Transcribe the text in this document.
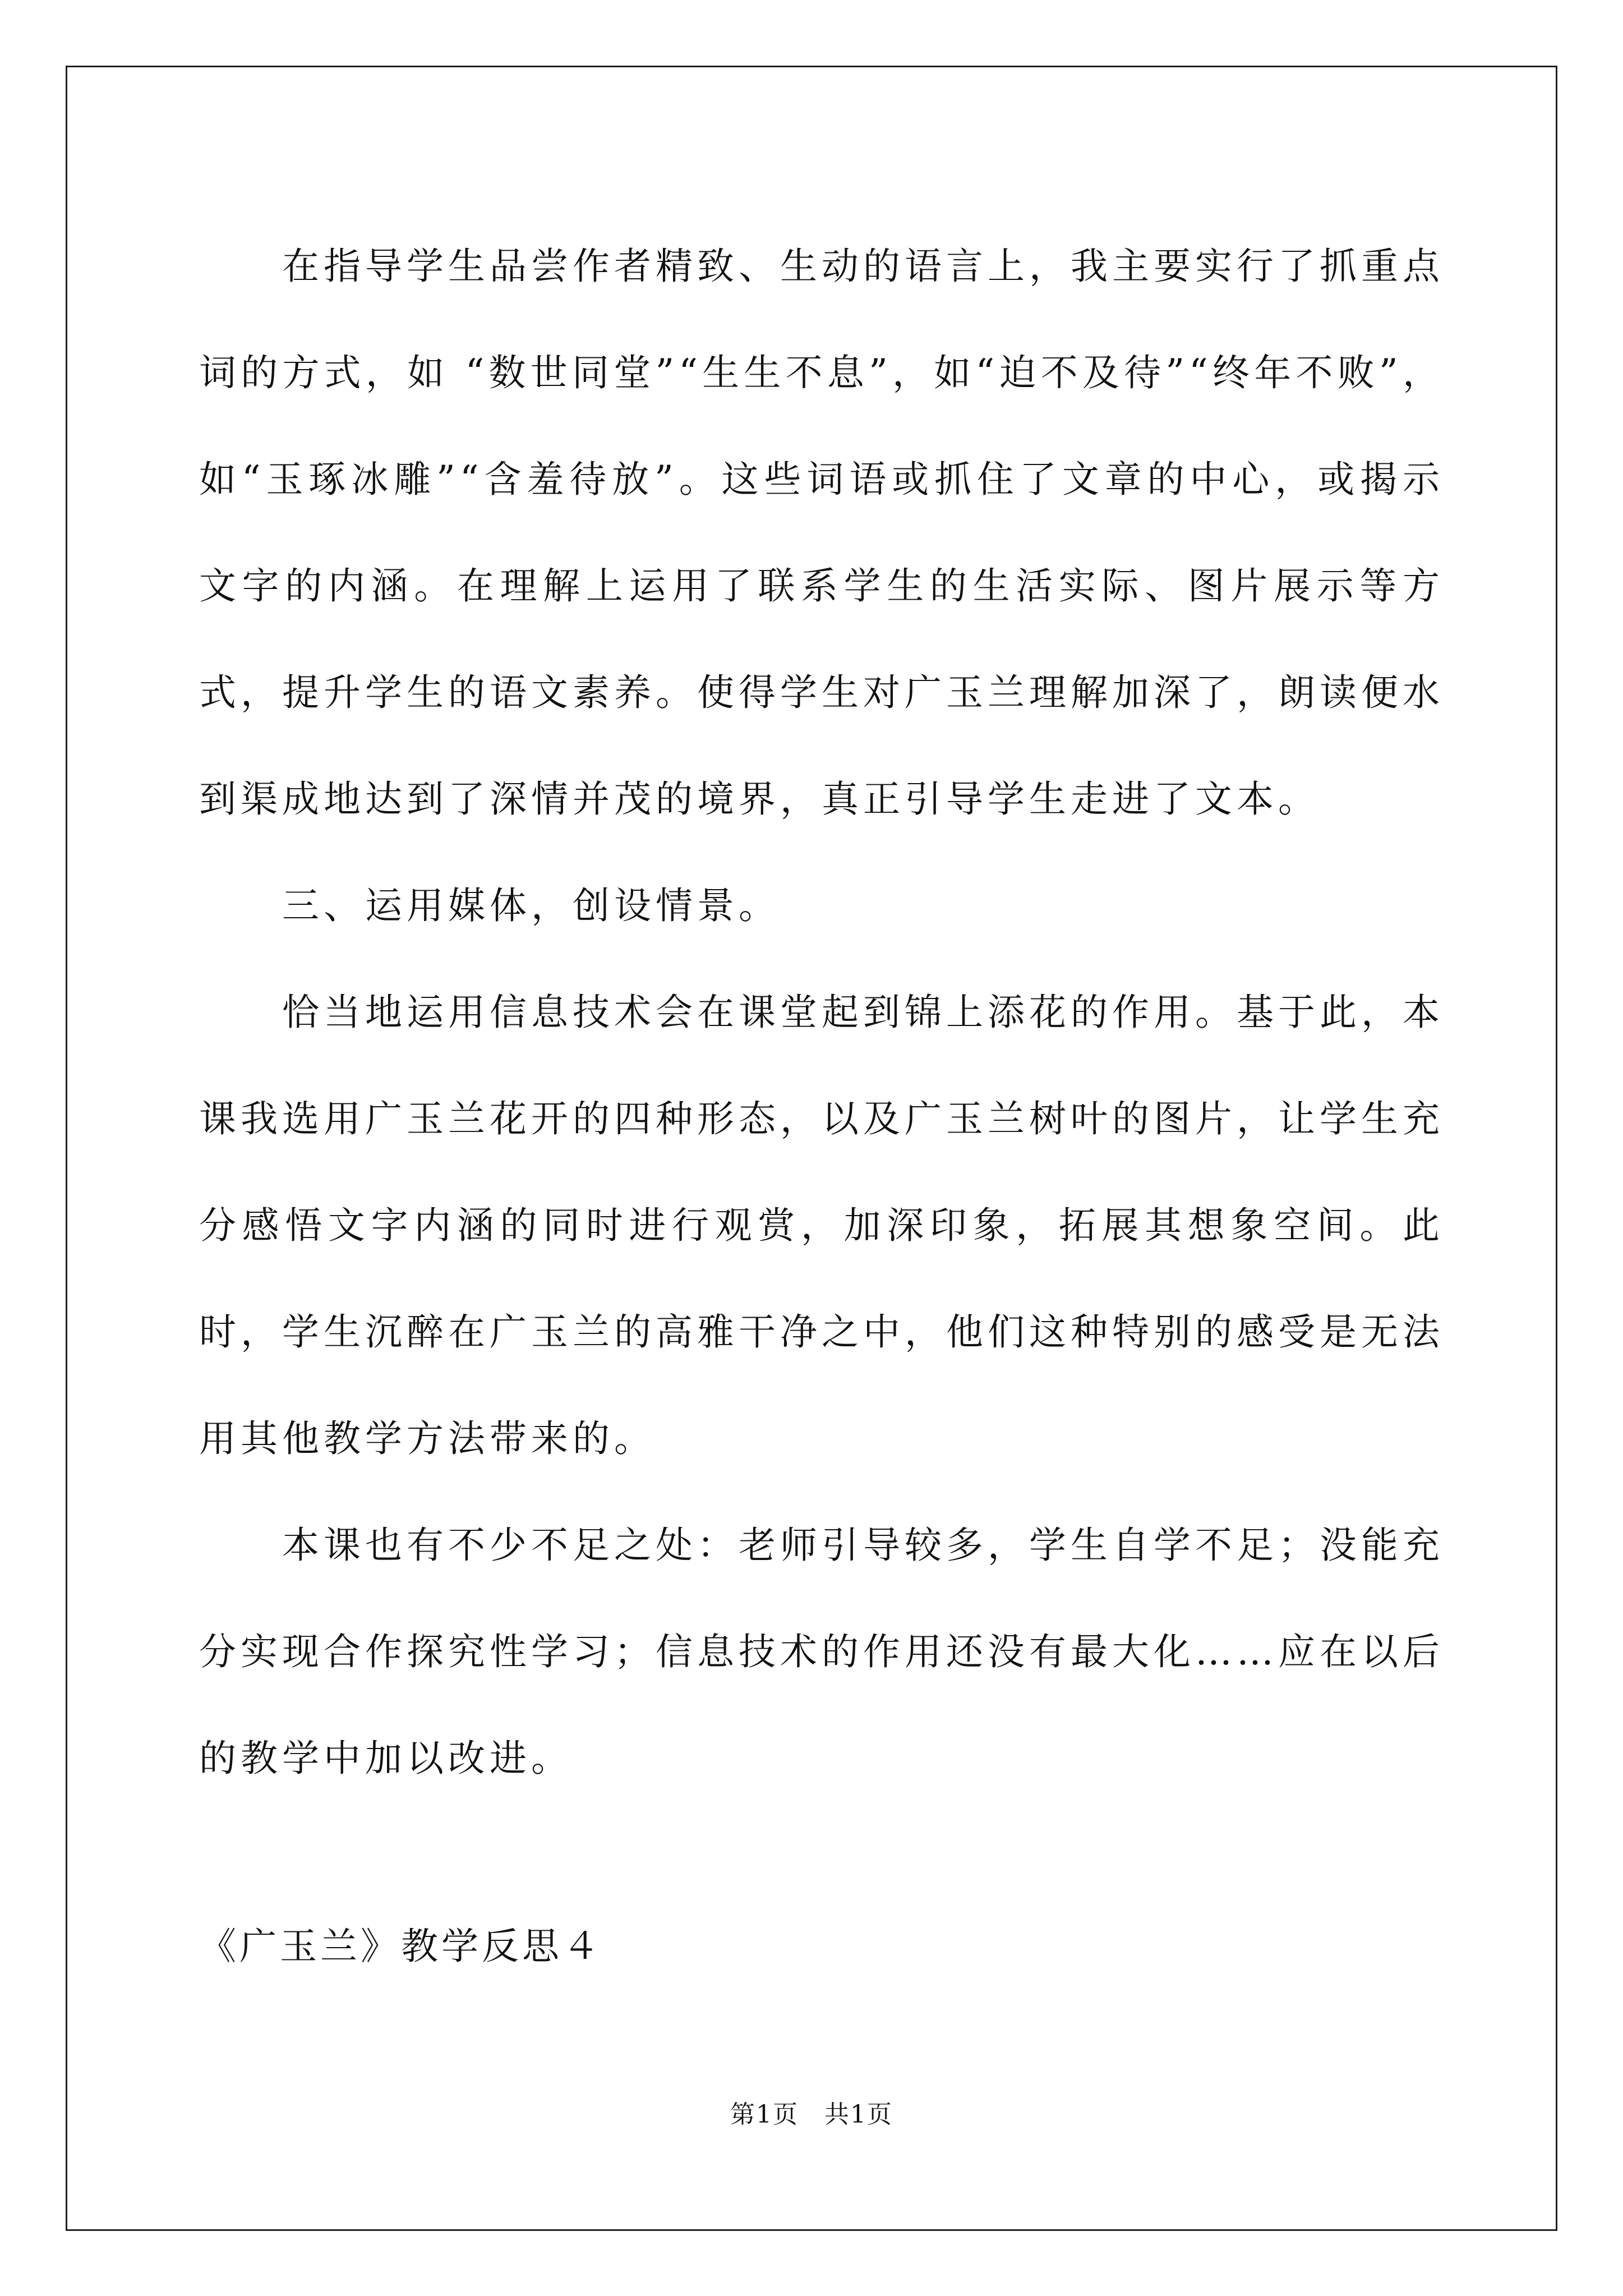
在指导学生品尝作者精致、生动的语言上，我主要实行了抓重点词的方式，如 “数世同堂”“生生不息”，如“迫不及待”“终年不败”，如“玉琢冰雕”“含羞待放”。这些词语或抓住了文章的中心，或揭示文字的内涵。在理解上运用了联系学生的生活实际、图片展示等方式，提升学生的语文素养。使得学生对广玉兰理解加深了，朗读便水到渠成地达到了深情并茂的境界，真正引导学生走进了文本。

三、运用媒体，创设情景。

恰当地运用信息技术会在课堂起到锦上添花的作用。基于此，本课我选用广玉兰花开的四种形态，以及广玉兰树叶的图片，让学生充分感悟文字内涵的同时进行观赏，加深印象，拓展其想象空间。此时，学生沉醉在广玉兰的高雅干净之中，他们这种特别的感受是无法用其他教学方法带来的。

本课也有不少不足之处：老师引导较多，学生自学不足；没能充分实现合作探究性学习；信息技术的作用还没有最大化……应在以后的教学中加以改进。

《广玉兰》教学反思４

第1页　共1页
